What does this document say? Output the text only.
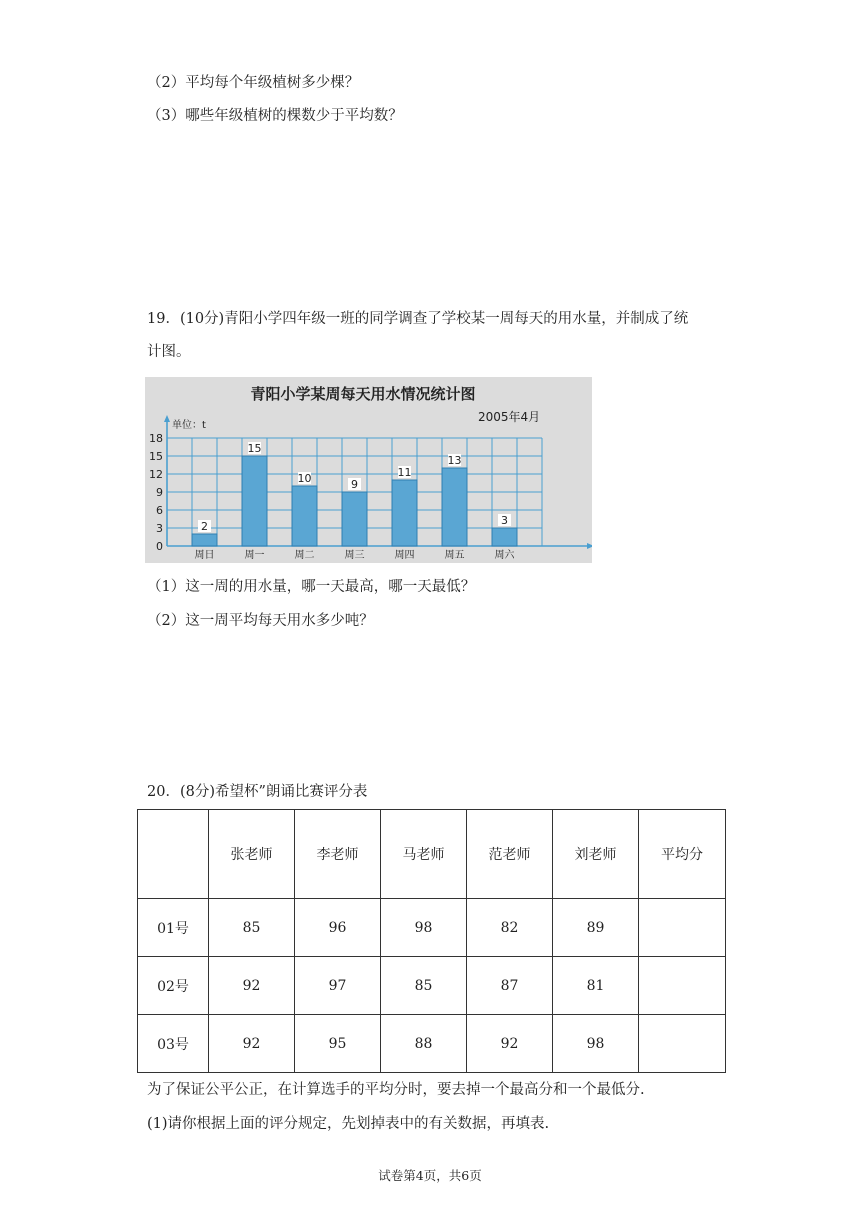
（2）平均每个年级植树多少棵？
（3）哪些年级植树的棵数少于平均数？
19．(10分)青阳小学四年级一班的同学调查了学校某一周每天的用水量，并制成了统
计图。
青阳小学某周每天用水情况统计图
2005年4月
单位：t
0
3
6
9
12
15
18
2
周日
15
周一
10
周二
9
周三
11
周四
13
周五
3
周六
（1）这一周的用水量，哪一天最高，哪一天最低？
（2）这一周平均每天用水多少吨？
20．(8分)希望杯”朗诵比赛评分表
	张老师	李老师	马老师	范老师	刘老师	平均分
01号	85	96	98	82	89	
02号	92	97	85	87	81	
03号	92	95	88	92	98	
为了保证公平公正，在计算选手的平均分时，要去掉一个最高分和一个最低分.
(1)请你根据上面的评分规定，先划掉表中的有关数据，再填表.
试卷第4页，共6页
